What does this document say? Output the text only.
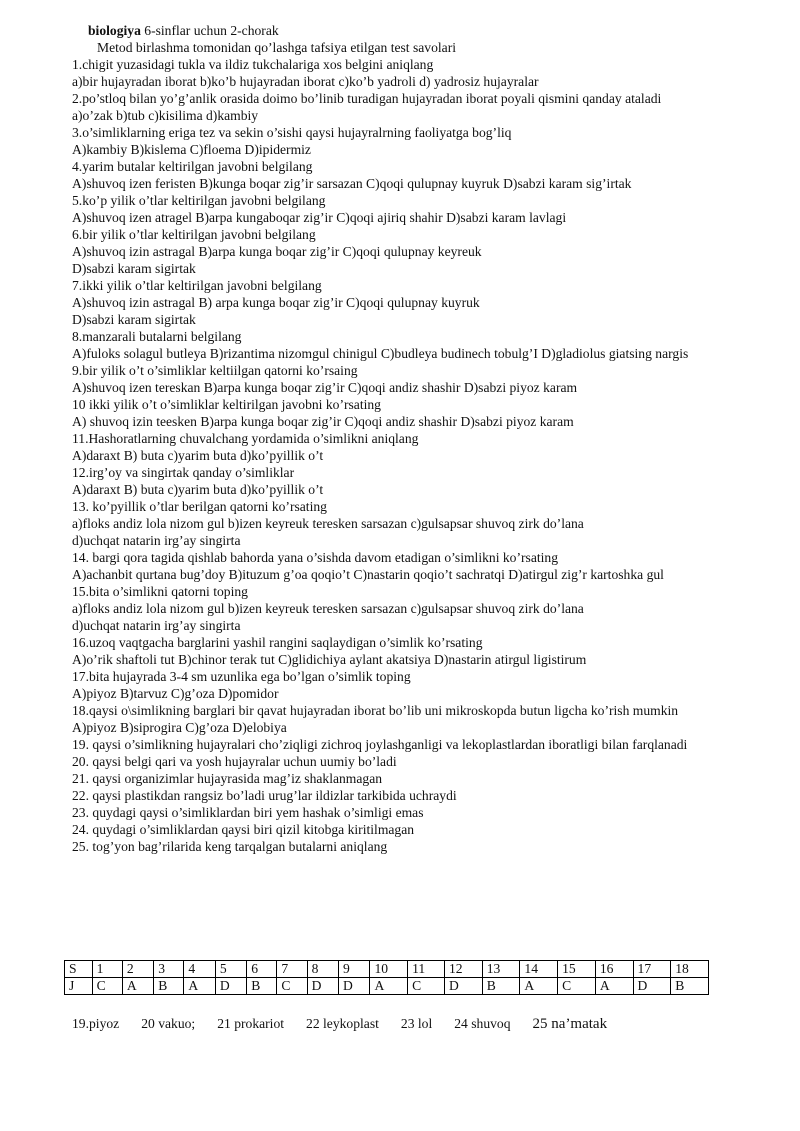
biologiya 6-sinflar uchun 2-chorak
Metod birlashma tomonidan qo’lashga tafsiya etilgan test savolari
1.chigit yuzasidagi tukla va ildiz tukchalariga xos belgini aniqlang
a)bir hujayradan iborat b)ko’b hujayradan iborat c)ko’b yadroli d) yadrosiz hujayralar
2.po’stloq bilan yo’g’anlik orasida doimo bo’linib turadigan hujayradan iborat poyali qismini qanday ataladi
a)o’zak b)tub c)kisilima d)kambiy
3.o’simliklarning eriga tez va sekin o’sishi qaysi hujayralrning faoliyatga bog’liq
A)kambiy B)kislema C)floema D)ipidermiz
4.yarim butalar keltirilgan javobni belgilang
A)shuvoq izen feristen B)kunga boqar zig’ir sarsazan C)qoqi qulupnay kuyruk D)sabzi karam sig’irtak
5.ko’p yilik o’tlar keltirilgan javobni belgilang
A)shuvoq izen atragel B)arpa kungaboqar zig’ir C)qoqi ajiriq shahir D)sabzi karam lavlagi
6.bir yilik o’tlar keltirilgan javobni belgilang
A)shuvoq izin astragal B)arpa kunga boqar zig’ir C)qoqi qulupnay keyreuk
D)sabzi karam sigirtak
7.ikki yilik o’tlar keltirilgan javobni belgilang
A)shuvoq izin astragal B) arpa kunga boqar zig’ir C)qoqi qulupnay kuyruk
D)sabzi karam sigirtak
8.manzarali butalarni belgilang
A)fuloks solagul butleya B)rizantima nizomgul chinigul C)budleya budinech tobulg’I D)gladiolus giatsing nargis
9.bir yilik o’t o’simliklar keltiilgan qatorni ko’rsaing
A)shuvoq izen tereskan B)arpa kunga boqar zig’ir C)qoqi andiz shashir D)sabzi piyoz karam
10 ikki yilik o’t o’simliklar keltirilgan javobni ko’rsating
A) shuvoq izin teesken B)arpa kunga boqar zig’ir C)qoqi andiz shashir D)sabzi piyoz karam
11.Hashoratlarning chuvalchang yordamida o’simlikni aniqlang
A)daraxt B) buta c)yarim buta d)ko’pyillik o’t
12.irg’oy va singirtak qanday o’simliklar
A)daraxt B) buta c)yarim buta d)ko’pyillik o’t
13. ko’pyillik o’tlar berilgan qatorni ko’rsating
a)floks andiz lola nizom gul b)izen keyreuk teresken sarsazan c)gulsapsar shuvoq zirk do’lana
d)uchqat natarin irg’ay singirta
14. bargi qora tagida qishlab bahorda yana o’sishda davom etadigan o’simlikni ko’rsating
A)achanbit qurtana bug’doy B)ituzum g’oa qoqio’t C)nastarin qoqio’t sachratqi D)atirgul zig’r kartoshka gul
15.bita o’simlikni qatorni toping
a)floks andiz lola nizom gul b)izen keyreuk teresken sarsazan c)gulsapsar shuvoq zirk do’lana
d)uchqat natarin irg’ay singirta
16.uzoq vaqtgacha barglarini yashil rangini saqlaydigan o’simlik ko’rsating
A)o’rik shaftoli tut B)chinor terak tut C)glidichiya aylant akatsiya D)nastarin atirgul ligistirum
17.bita hujayrada 3-4 sm uzunlika ega bo’lgan o’simlik toping
A)piyoz B)tarvuz C)g’oza D)pomidor
18.qaysi o\simlikning barglari bir qavat hujayradan iborat bo’lib uni mikroskopda butun ligcha ko’rish mumkin
A)piyoz B)siprogira C)g’oza D)elobiya
19. qaysi o’simlikning hujayralari cho’ziqligi zichroq joylashganligi va lekoplastlardan iboratligi bilan farqlanadi
20. qaysi belgi qari va yosh hujayralar uchun uumiy bo’ladi
21. qaysi organizimlar hujayrasida mag’iz shaklanmagan
22. qaysi plastikdan rangsiz bo’ladi urug’lar ildizlar tarkibida uchraydi
23. quydagi qaysi o’simliklardan biri yem hashak o’simligi emas
24. quydagi o’simliklardan qaysi biri qizil kitobga kiritilmagan
25. tog’yon bag’rilarida keng tarqalgan butalarni aniqlang
S	1	2	3	4	5	6	7	8	9	10	11	12	13	14	15	16	17	18
J	C	A	B	A	D	B	C	D	D	A	C	D	B	A	C	A	D	B
19.piyoz 20 vakuo; 21 prokariot 22 leykoplast 23 lol 24 shuvoq 25 na’matak
